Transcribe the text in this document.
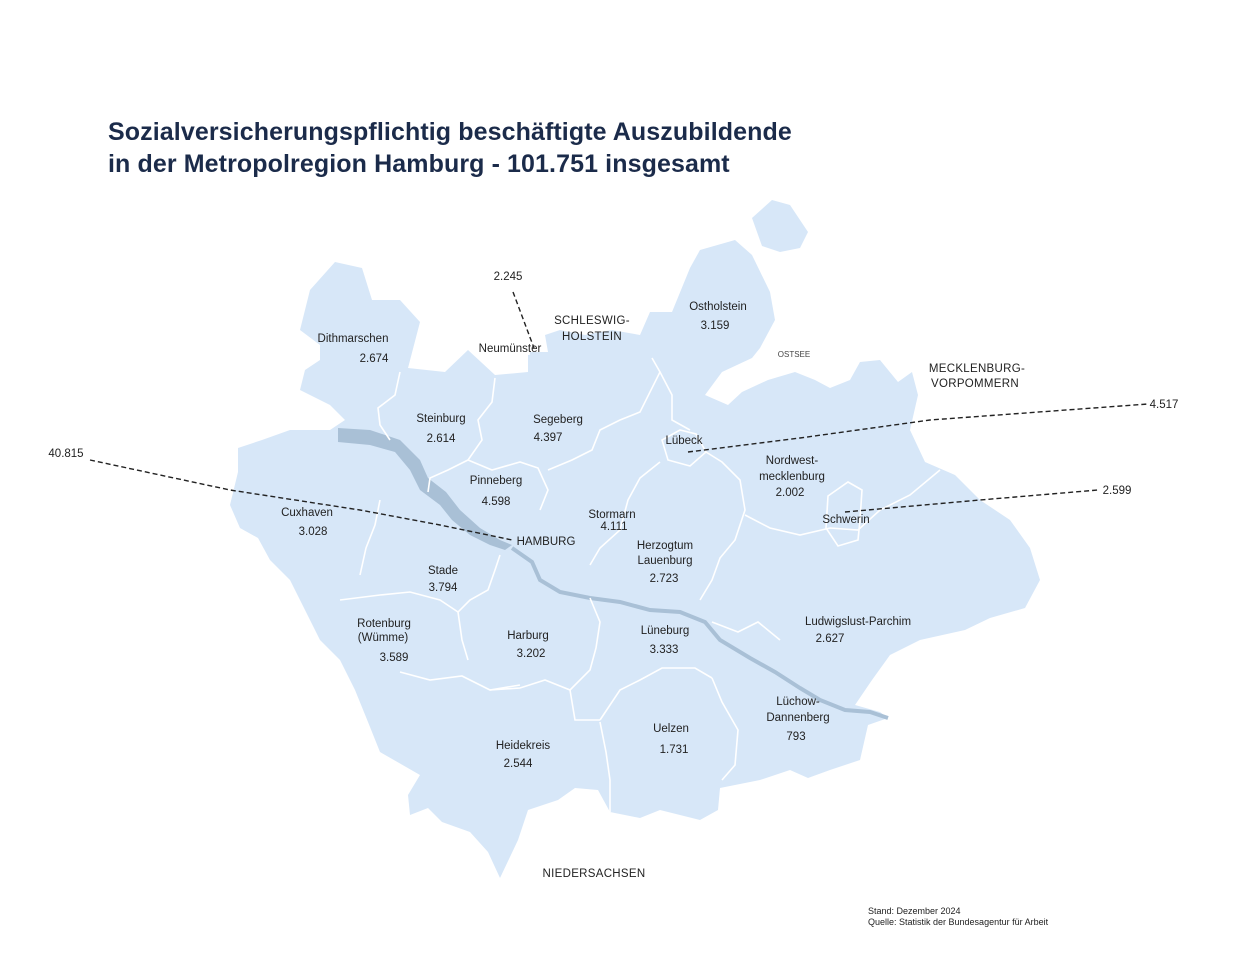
Sozialversicherungspflichtig beschäftigte Auszubildende
in der Metropolregion Hamburg - 101.751 insgesamt
SCHLESWIG-
HOLSTEIN
MECKLENBURG-
VORPOMMERN
NIEDERSACHSEN
OSTSEE
Dithmarschen
2.674
Steinburg
2.614
Segeberg
4.397
Pinneberg
4.598
Ostholstein
3.159
Neumünster
2.245
Lübeck
4.517
Stormarn
4.111
HAMBURG
40.815
Herzogtum
Lauenburg
2.723
Nordwest-
mecklenburg
2.002
Schwerin
2.599
Cuxhaven
3.028
Stade
3.794
Rotenburg
(Wümme)
3.589
Harburg
3.202
Lüneburg
3.333
Ludwigslust-Parchim
2.627
Lüchow-
Dannenberg
793
Heidekreis
2.544
Uelzen
1.731
Stand: Dezember 2024
Quelle: Statistik der Bundesagentur für Arbeit
